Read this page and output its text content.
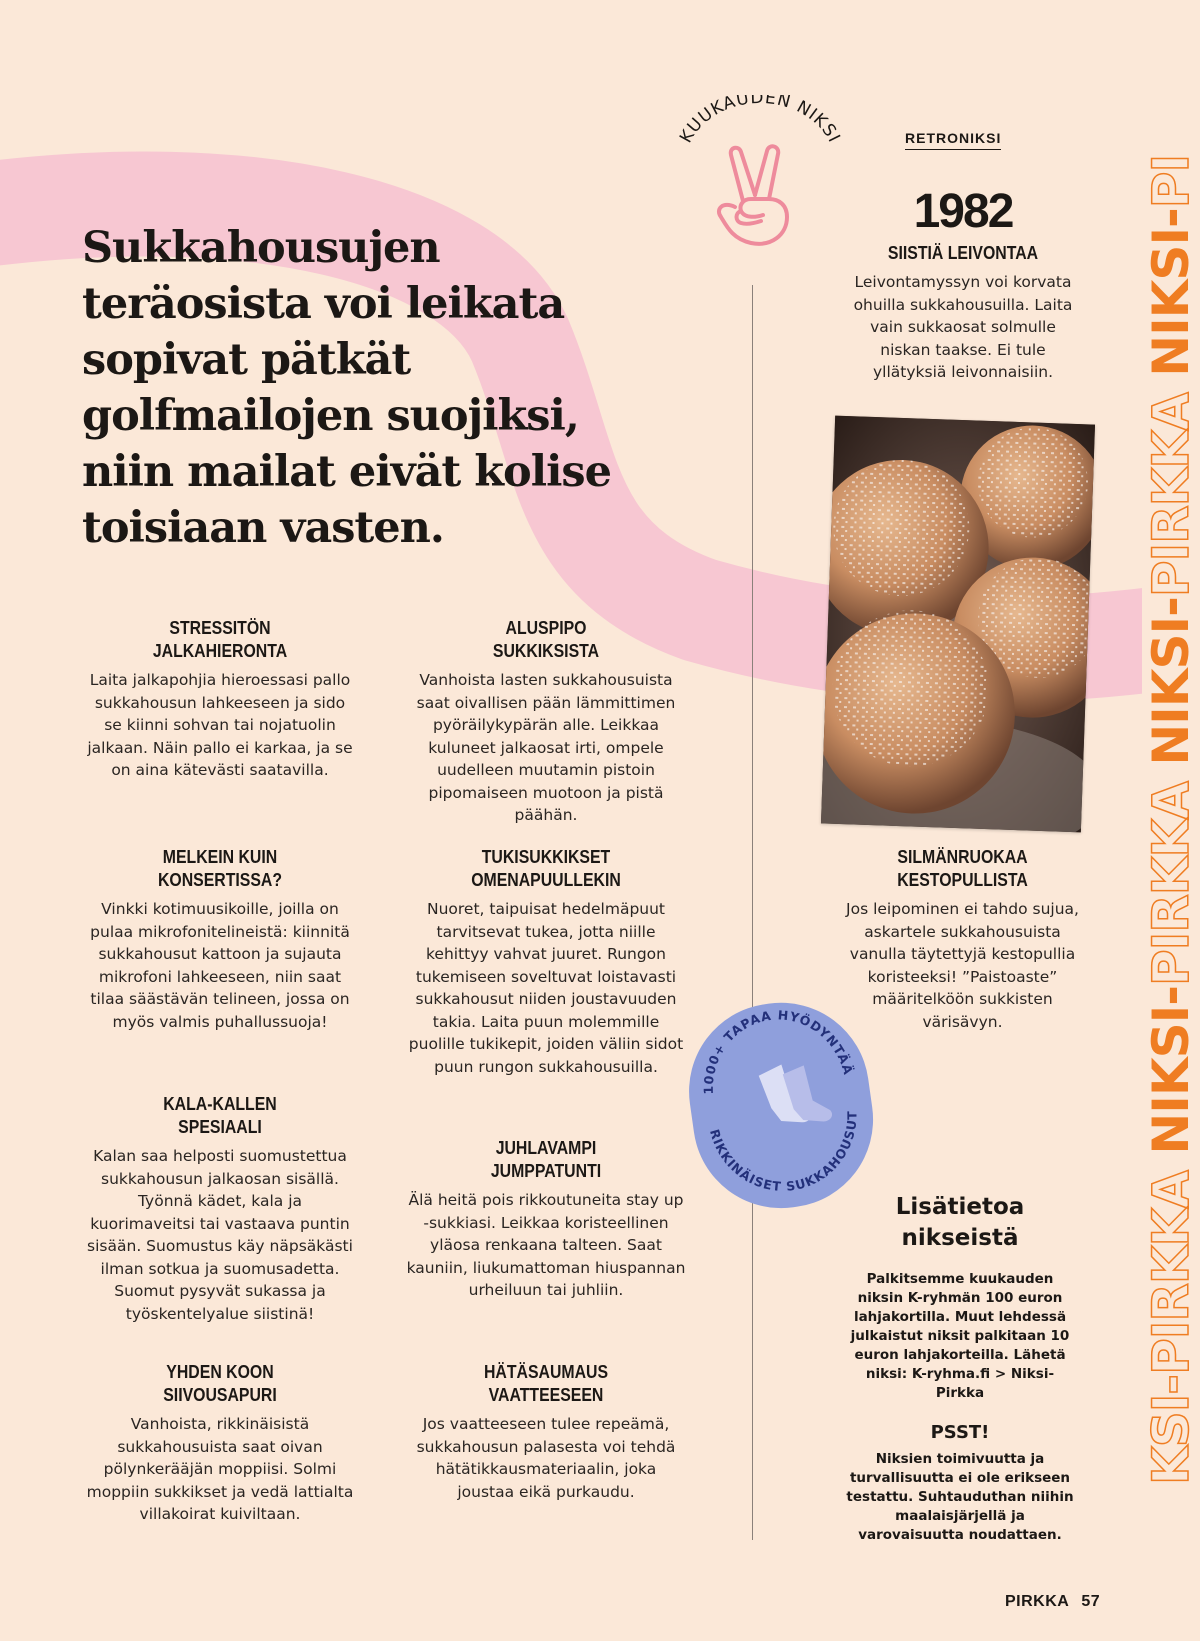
Sukkahousujen teräosista voi leikata sopivat pätkät golfmailojen suojiksi, niin mailat eivät kolise toisiaan vasten.

KUUKAUDEN NIKSI	RETRONIKSI
1982
SIISTIÄ LEIVONTAA

Leivontamyssyn voi korvata ohuilla sukkahousuilla. Laita vain sukkaosat solmulle niskan taakse. Ei tule yllätyksiä leivonnaisiin.

STRESSITÖN
JALKAHIERONTA

Laita jalkapohjia hieroessasi pallo sukkahousun lahkeeseen ja sido se kiinni sohvan tai nojatuolin jalkaan. Näin pallo ei karkaa, ja se on aina kätevästi saatavilla.

ALUSPIPO
SUKKIKSISTA

Vanhoista lasten sukkahousuista saat oivallisen pään lämmittimen pyöräilykypärän alle. Leikkaa kuluneet jalkaosat irti, ompele uudelleen muutamin pistoin pipomaiseen muotoon ja pistä päähän.

MELKEIN KUIN
KONSERTISSA?

Vinkki kotimuusikoille, joilla on pulaa mikrofonitelineistä: kiinnitä sukkahousut kattoon ja sujauta mikrofoni lahkeeseen, niin saat tilaa säästävän telineen, jossa on myös valmis puhallussuoja!

TUKISUKKIKSET
OMENAPUULLEKIN

Nuoret, taipuisat hedelmäpuut tarvitsevat tukea, jotta niille kehittyy vahvat juuret. Rungon tukemiseen soveltuvat loistavasti sukkahousut niiden joustavuuden takia. Laita puun molemmille puolille tukikepit, joiden väliin sidot puun rungon sukkahousuilla.

KALA-KALLEN
SPESIAALI

Kalan saa helposti suomustettua sukkahousun jalkaosan sisällä. Työnnä kädet, kala ja kuorimaveitsi tai vastaava puntin sisään. Suomustus käy näpsäkästi ilman sotkua ja suomusadetta. Suomut pysyvät sukassa ja työskentelyalue siistinä!

JUHLAVAMPI
JUMPPATUNTI

Älä heitä pois rikkoutuneita stay up -sukkiasi. Leikkaa koristeellinen yläosa renkaana talteen. Saat kauniin, liukumattoman hiuspannan urheiluun tai juhliin.

YHDEN KOON
SIIVOUSAPURI

Vanhoista, rikkinäisistä sukkahousuista saat oivan pölynkerääjän moppiisi. Solmi moppiin sukkikset ja vedä lattialta villakoirat kuiviltaan.

HÄTÄSAUMAUS
VAATTEESEEN

Jos vaatteeseen tulee repeämä, sukkahousun palasesta voi tehdä hätätikkausmateriaalin, joka joustaa eikä purkaudu.

SILMÄNRUOKAA
KESTOPULLISTA

Jos leipominen ei tahdo sujua, askartele sukkahousuista vanulla täytettyjä kestopullia koristeeksi! ”Paistoaste” määritelköön sukkisten värisävyn.

1000+ TAPAA HYÖDYNTÄÄ
RIKKINÄISET SUKKAHOUSUT
Lisätietoa
nikseistä

Palkitsemme kuukauden niksin K-ryhmän 100 euron lahjakortilla. Muut lehdessä julkaistut niksit palkitaan 10 euron lahjakorteilla. Lähetä niksi: K-ryhma.fi > Niksi-Pirkka

PSST!

Niksien toimivuutta ja turvallisuutta ei ole erikseen testattu. Suhtauduthan niihin maalaisjärjellä ja varovaisuutta noudattaen.

KSI-PIRKKA NIKSI-PIRKKA NIKSI-PIRKKA NIKSI-PI
PIRKKA 57
